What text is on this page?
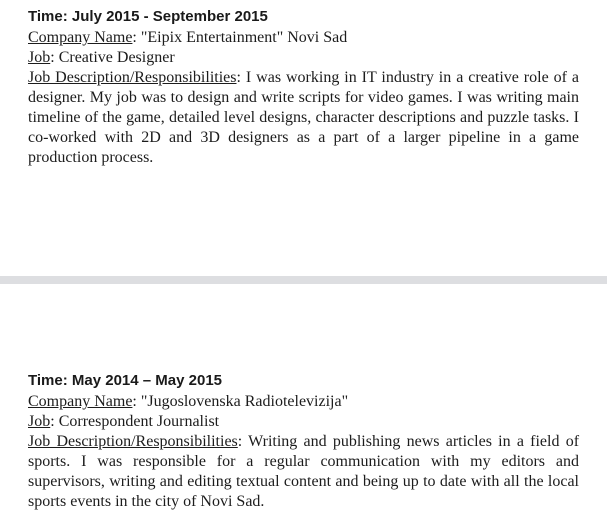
Time: July 2015 - September 2015
Company Name: "Eipix Entertainment" Novi Sad
Job: Creative Designer

Job Description/Responsibilities: I was working in IT industry in a creative role of a designer. My job was to design and write scripts for video games. I was writing main timeline of the game, detailed level designs, character descriptions and puzzle tasks. I co-worked with 2D and 3D designers as a part of a larger pipeline in a game production process.

Time: May 2014 – May 2015
Company Name: "Jugoslovenska Radiotelevizija"
Job: Correspondent Journalist

Job Description/Responsibilities: Writing and publishing news articles in a field of sports. I was responsible for a regular communication with my editors and supervisors, writing and editing textual content and being up to date with all the local sports events in the city of Novi Sad.
